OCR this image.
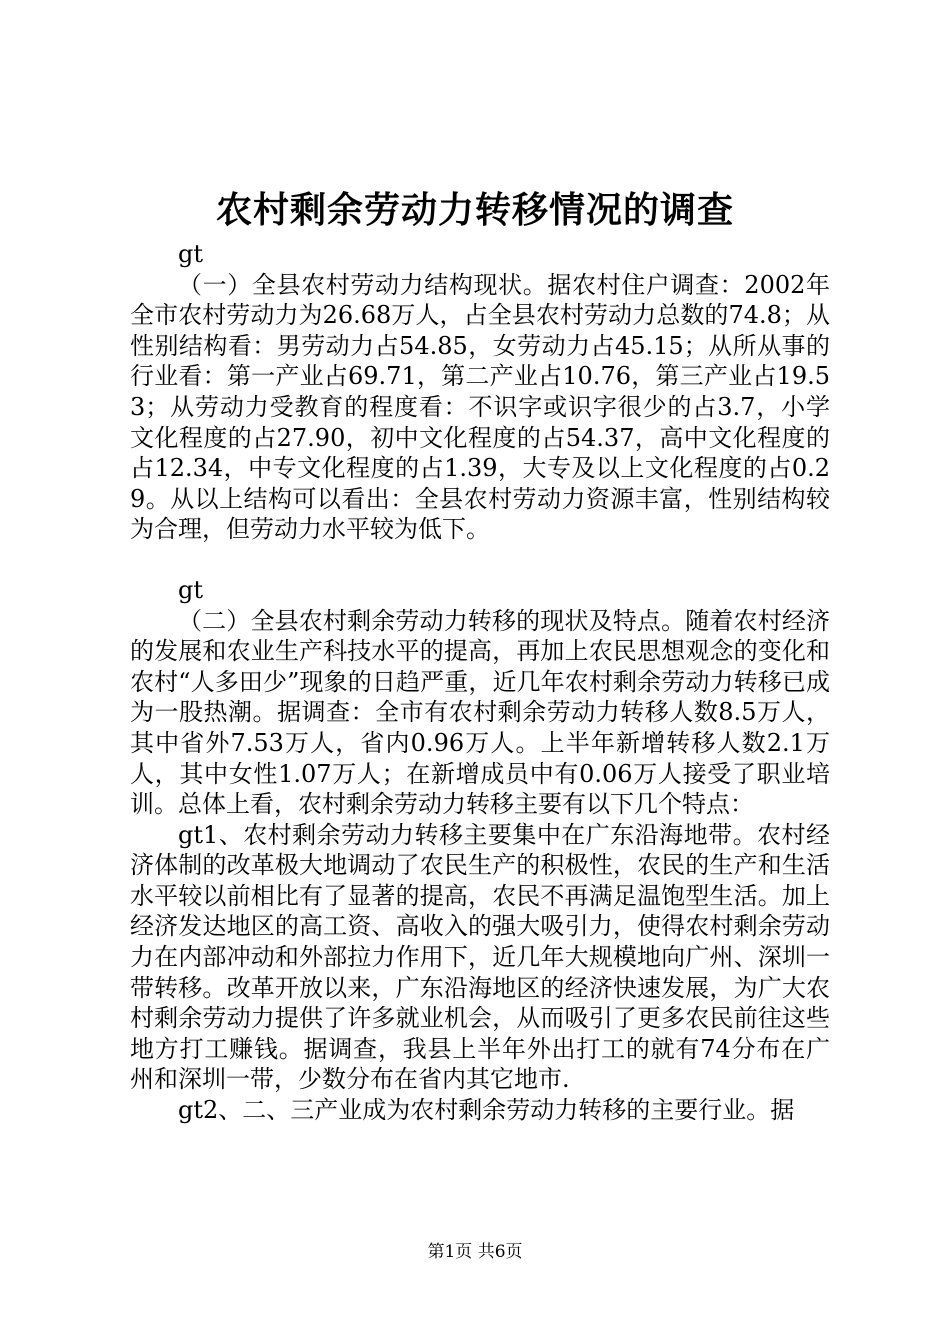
农村剩余劳动力转移情况的调查

gt

（一）全县农村劳动力结构现状。据农村住户调查：2002年全市农村劳动力为26.68万人，占全县农村劳动力总数的74.8；从性别结构看：男劳动力占54.85，女劳动力占45.15；从所从事的行业看：第一产业占69.71，第二产业占10.76，第三产业占19.53；从劳动力受教育的程度看：不识字或识字很少的占3.7，小学文化程度的占27.90，初中文化程度的占54.37，高中文化程度的占12.34，中专文化程度的占1.39，大专及以上文化程度的占0.29。从以上结构可以看出：全县农村劳动力资源丰富，性别结构较为合理，但劳动力水平较为低下。

gt

（二）全县农村剩余劳动力转移的现状及特点。随着农村经济的发展和农业生产科技水平的提高，再加上农民思想观念的变化和农村“人多田少”现象的日趋严重，近几年农村剩余劳动力转移已成为一股热潮。据调查：全市有农村剩余劳动力转移人数8.5万人，其中省外7.53万人，省内0.96万人。上半年新增转移人数2.1万人，其中女性1.07万人；在新增成员中有0.06万人接受了职业培训。总体上看，农村剩余劳动力转移主要有以下几个特点：

gt1、农村剩余劳动力转移主要集中在广东沿海地带。农村经济体制的改革极大地调动了农民生产的积极性，农民的生产和生活水平较以前相比有了显著的提高，农民不再满足温饱型生活。加上经济发达地区的高工资、高收入的强大吸引力，使得农村剩余劳动力在内部冲动和外部拉力作用下，近几年大规模地向广州、深圳一带转移。改革开放以来，广东沿海地区的经济快速发展，为广大农村剩余劳动力提供了许多就业机会，从而吸引了更多农民前往这些地方打工赚钱。据调查，我县上半年外出打工的就有74分布在广州和深圳一带，少数分布在省内其它地市.

gt2、二、三产业成为农村剩余劳动力转移的主要行业。据

第1页 共6页
